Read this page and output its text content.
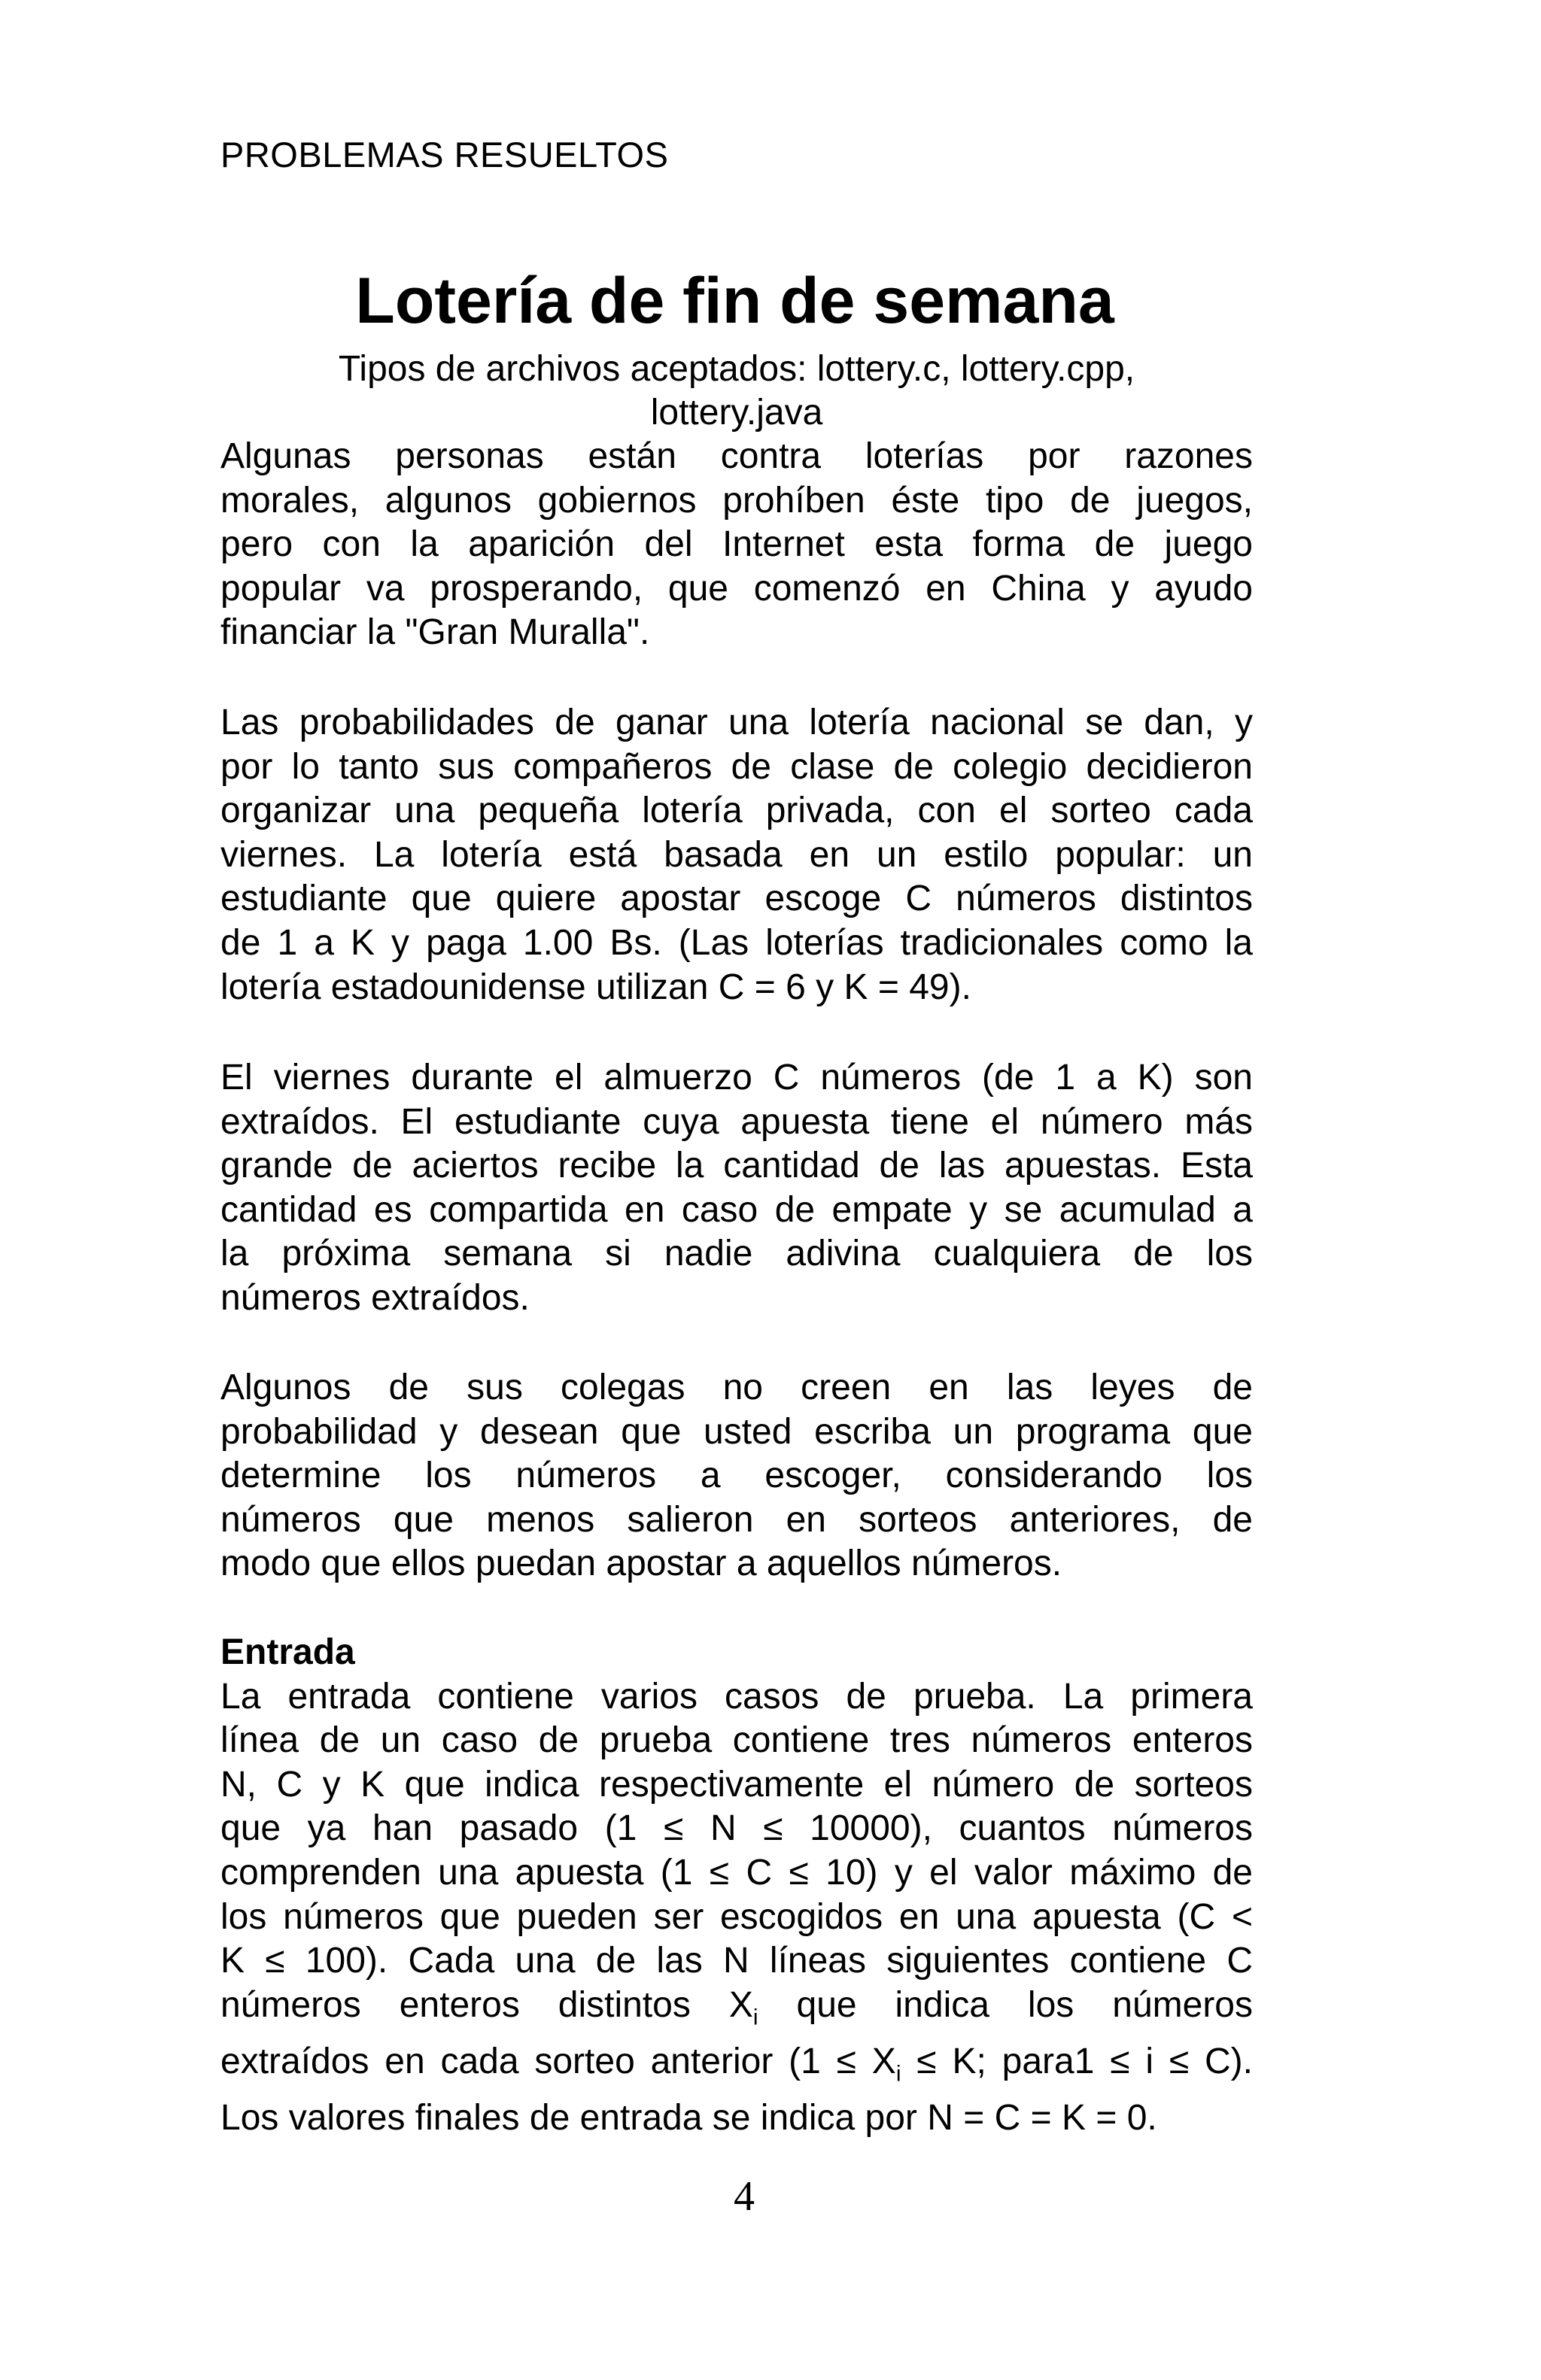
PROBLEMAS RESUELTOS
Lotería de fin de semana
Tipos de archivos aceptados: lottery.c, lottery.cpp,
lottery.java
Algunas personas están contra loterías por razones
morales, algunos gobiernos prohíben éste tipo de juegos,
pero con la aparición del Internet esta forma de juego
popular va prosperando, que comenzó en China y ayudo
financiar la "Gran Muralla".
Las probabilidades de ganar una lotería nacional se dan, y
por lo tanto sus compañeros de clase de colegio decidieron
organizar una pequeña lotería privada, con el sorteo cada
viernes. La lotería está basada en un estilo popular: un
estudiante que quiere apostar escoge C números distintos
de 1 a K y paga 1.00 Bs. (Las loterías tradicionales como la
lotería estadounidense utilizan C = 6 y K = 49).
El viernes durante el almuerzo C números (de 1 a K) son
extraídos. El estudiante cuya apuesta tiene el número más
grande de aciertos recibe la cantidad de las apuestas. Esta
cantidad es compartida en caso de empate y se acumulad a
la próxima semana si nadie adivina cualquiera de los
números extraídos.
Algunos de sus colegas no creen en las leyes de
probabilidad y desean que usted escriba un programa que
determine los números a escoger, considerando los
números que menos salieron en sorteos anteriores, de
modo que ellos puedan apostar a aquellos números.
Entrada
La entrada contiene varios casos de prueba. La primera
línea de un caso de prueba contiene tres números enteros
N, C y K que indica respectivamente el número de sorteos
que ya han pasado (1 ≤ N ≤ 10000), cuantos números
comprenden una apuesta (1 ≤ C ≤ 10) y el valor máximo de
los números que pueden ser escogidos en una apuesta (C <
K ≤ 100). Cada una de las N líneas siguientes contiene C
números enteros distintos $X_i$ que indica los números
extraídos en cada sorteo anterior ($1 \le X_i \le K$; para1 ≤ i ≤ C).
Los valores finales de entrada se indica por N = C = K = 0.
4
